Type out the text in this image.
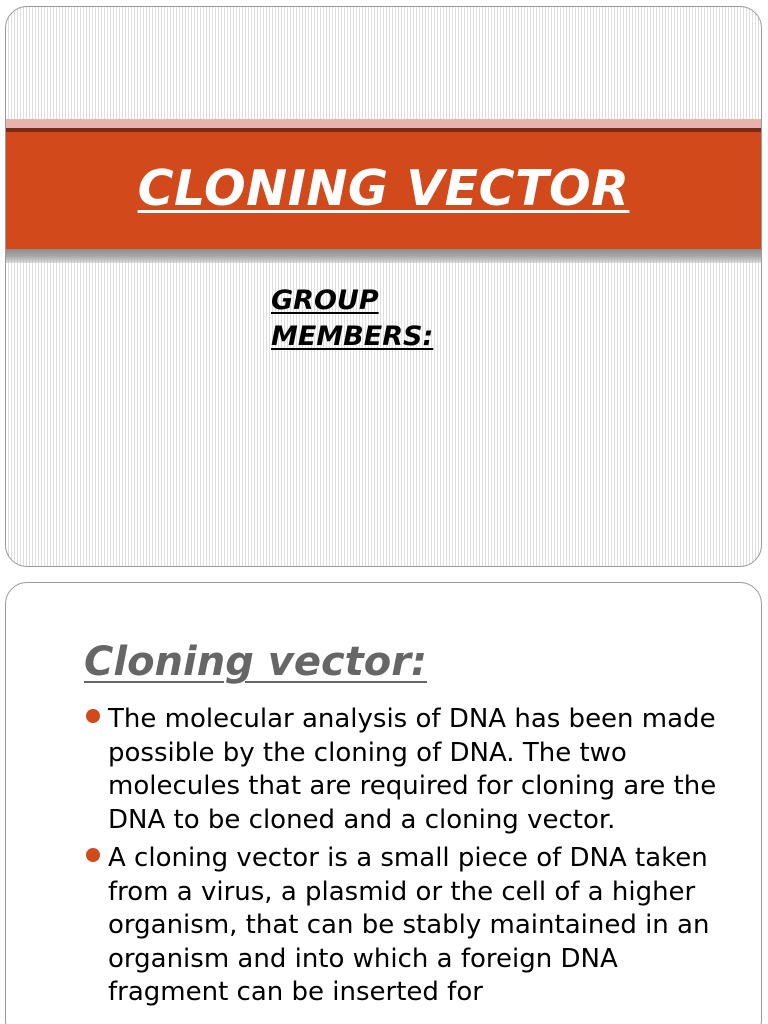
CLONING VECTOR
GROUP
MEMBERS:
Cloning vector:
The molecular analysis of DNA has been made possible by the cloning of DNA. The two molecules that are required for cloning are the DNA to be cloned and a cloning vector.
A cloning vector is a small piece of DNA taken from a virus, a plasmid or the cell of a higher organism, that can be stably maintained in an organism and into which a foreign DNA fragment can be inserted for
